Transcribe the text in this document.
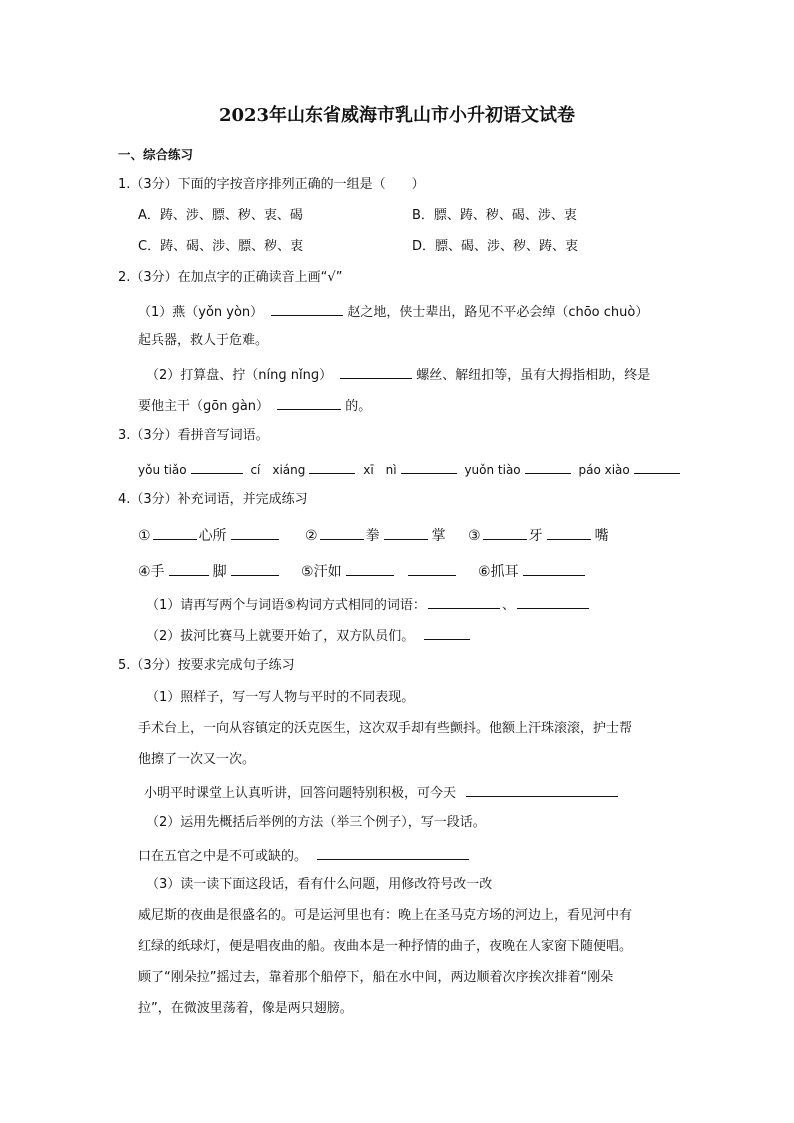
2023年山东省威海市乳山市小升初语文试卷
一、综合练习
1.（3分）下面的字按音序排列正确的一组是（　　）
A．踌、涉、膘、秽、衷、碣	B．膘、踌、秽、碣、涉、衷
C．踌、碣、涉、膘、秽、衷	D．膘、碣、涉、秽、踌、衷
2.（3分）在加点字的正确读音上画“√”
（1）燕（yǒn yòn）	赵之地，侠士辈出，路见不平必会绰（chōo chuò）
起兵器，救人于危难。
（2）打算盘、拧（nínɡ nǐnɡ）	螺丝、解纽扣等，虽有大拇指相助，终是
要他主干（ɡōn ɡàn）	的。
3.（3分）看拼音写词语。
yǒu tiǎo	cí　xiáng	xī　nì	yuǒn tiào	páo xiào
4.（3分）补充词语，并完成练习
①	心所	②	拳	掌 ③	牙	嘴
④手	脚	⑤汗如	⑥抓耳
（1）请再写两个与词语⑤构词方式相同的词语：	、
（2）拔河比赛马上就要开始了，双方队员们。
5.（3分）按要求完成句子练习
（1）照样子，写一写人物与平时的不同表现。
手术台上，一向从容镇定的沃克医生，这次双手却有些颤抖。他额上汗珠滚滚，护士帮
他擦了一次又一次。
小明平时课堂上认真听讲，回答问题特别积极，可今天
（2）运用先概括后举例的方法（举三个例子），写一段话。
口在五官之中是不可或缺的。
（3）读一读下面这段话，看有什么问题，用修改符号改一改
威尼斯的夜曲是很盛名的。可是运河里也有：晚上在圣马克方场的河边上，看见河中有
红绿的纸球灯，便是唱夜曲的船。夜曲本是一种抒情的曲子，夜晚在人家窗下随便唱。
顾了“刚朵拉”摇过去，靠着那个船停下，船在水中间，两边顺着次序挨次排着“刚朵
拉”，在微波里荡着，像是两只翅膀。
